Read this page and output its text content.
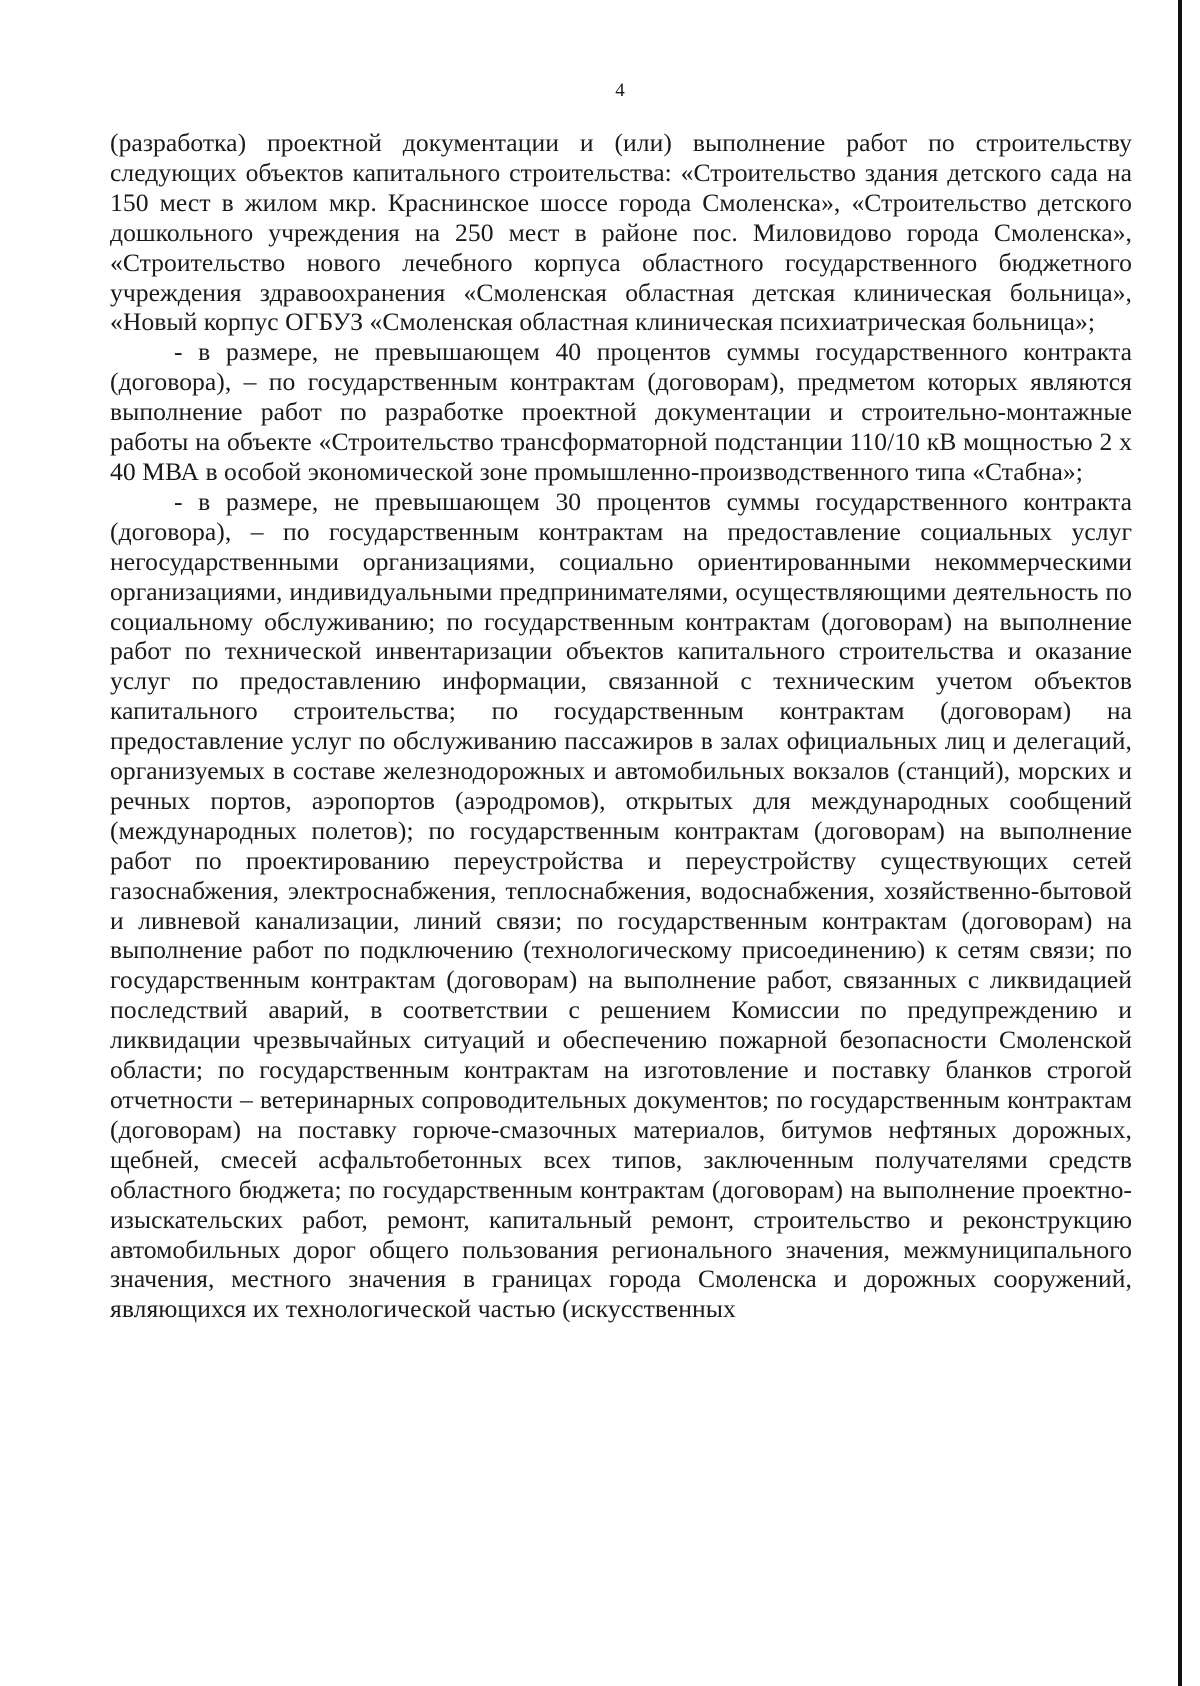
4

(разработка) проектной документации и (или) выполнение работ по строительству следующих объектов капитального строительства: «Строительство здания детского сада на 150 мест в жилом мкр. Краснинское шоссе города Смоленска», «Строительство детского дошкольного учреждения на 250 мест в районе пос. Миловидово города Смоленска», «Строительство нового лечебного корпуса областного государственного бюджетного учреждения здравоохранения «Смоленская областная детская клиническая больница», «Новый корпус ОГБУЗ «Смоленская областная клиническая психиатрическая больница»;

- в размере, не превышающем 40 процентов суммы государственного контракта (договора), – по государственным контрактам (договорам), предметом которых являются выполнение работ по разработке проектной документации и строительно-монтажные работы на объекте «Строительство трансформаторной подстанции 110/10 кВ мощностью 2 х 40 МВА в особой экономической зоне промышленно-производственного типа «Стабна»;

- в размере, не превышающем 30 процентов суммы государственного контракта (договора), – по государственным контрактам на предоставление социальных услуг негосударственными организациями, социально ориентированными некоммерческими организациями, индивидуальными предпринимателями, осуществляющими деятельность по социальному обслуживанию; по государственным контрактам (договорам) на выполнение работ по технической инвентаризации объектов капитального строительства и оказание услуг по предоставлению информации, связанной с техническим учетом объектов капитального строительства; по государственным контрактам (договорам) на предоставление услуг по обслуживанию пассажиров в залах официальных лиц и делегаций, организуемых в составе железнодорожных и автомобильных вокзалов (станций), морских и речных портов, аэропортов (аэродромов), открытых для международных сообщений (международных полетов); по государственным контрактам (договорам) на выполнение работ по проектированию переустройства и переустройству существующих сетей газоснабжения, электроснабжения, теплоснабжения, водоснабжения, хозяйственно-бытовой и ливневой канализации, линий связи; по государственным контрактам (договорам) на выполнение работ по подключению (технологическому присоединению) к сетям связи; по государственным контрактам (договорам) на выполнение работ, связанных с ликвидацией последствий аварий, в соответствии с решением Комиссии по предупреждению и ликвидации чрезвычайных ситуаций и обеспечению пожарной безопасности Смоленской области; по государственным контрактам на изготовление и поставку бланков строгой отчетности – ветеринарных сопроводительных документов; по государственным контрактам (договорам) на поставку горюче-смазочных материалов, битумов нефтяных дорожных, щебней, смесей асфальтобетонных всех типов, заключенным получателями средств областного бюджета; по государственным контрактам (договорам) на выполнение проектно-изыскательских работ, ремонт, капитальный ремонт, строительство и реконструкцию автомобильных дорог общего пользования регионального значения, межмуниципального значения, местного значения в границах города Смоленска и дорожных сооружений, являющихся их технологической частью (искусственных
